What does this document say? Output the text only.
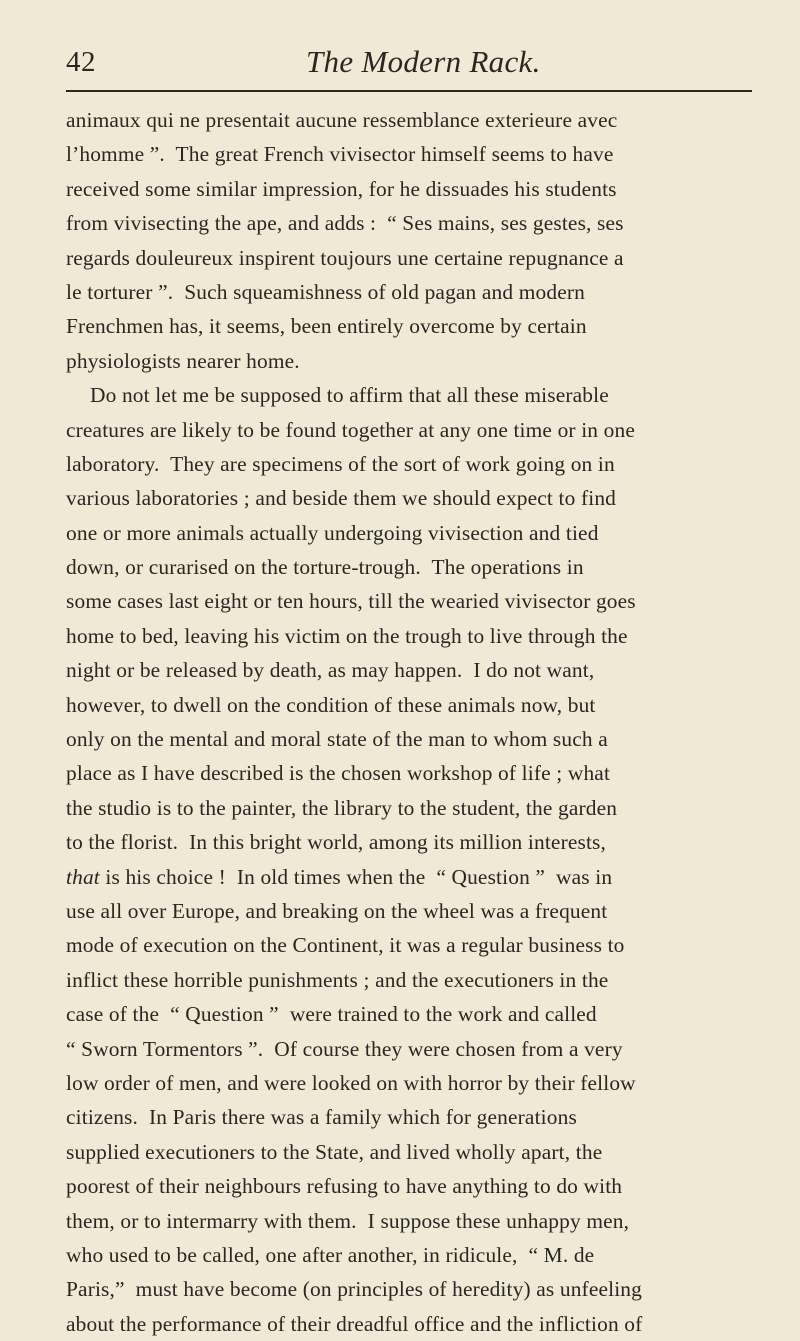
42	The Modern Rack.
animaux qui ne presentait aucune ressemblance exterieure avec
l’homme ”.  The great French vivisector himself seems to have
received some similar impression, for he dissuades his students
from vivisecting the ape, and adds :  “ Ses mains, ses gestes, ses
regards douleureux inspirent toujours une certaine repugnance a
le torturer ”.  Such squeamishness of old pagan and modern
Frenchmen has, it seems, been entirely overcome by certain
physiologists nearer home.
Do not let me be supposed to affirm that all these miserable
creatures are likely to be found together at any one time or in one
laboratory.  They are specimens of the sort of work going on in
various laboratories ; and beside them we should expect to find
one or more animals actually undergoing vivisection and tied
down, or curarised on the torture-trough.  The operations in
some cases last eight or ten hours, till the wearied vivisector goes
home to bed, leaving his victim on the trough to live through the
night or be released by death, as may happen.  I do not want,
however, to dwell on the condition of these animals now, but
only on the mental and moral state of the man to whom such a
place as I have described is the chosen workshop of life ; what
the studio is to the painter, the library to the student, the garden
to the florist.  In this bright world, among its million interests,
that is his choice !  In old times when the  “ Question ”  was in
use all over Europe, and breaking on the wheel was a frequent
mode of execution on the Continent, it was a regular business to
inflict these horrible punishments ; and the executioners in the
case of the  “ Question ”  were trained to the work and called
“ Sworn Tormentors ”.  Of course they were chosen from a very
low order of men, and were looked on with horror by their fellow
citizens.  In Paris there was a family which for generations
supplied executioners to the State, and lived wholly apart, the
poorest of their neighbours refusing to have anything to do with
them, or to intermarry with them.  I suppose these unhappy men,
who used to be called, one after another, in ridicule,  “ M. de
Paris,”  must have become (on principles of heredity) as unfeeling
about the performance of their dreadful office and the infliction of
